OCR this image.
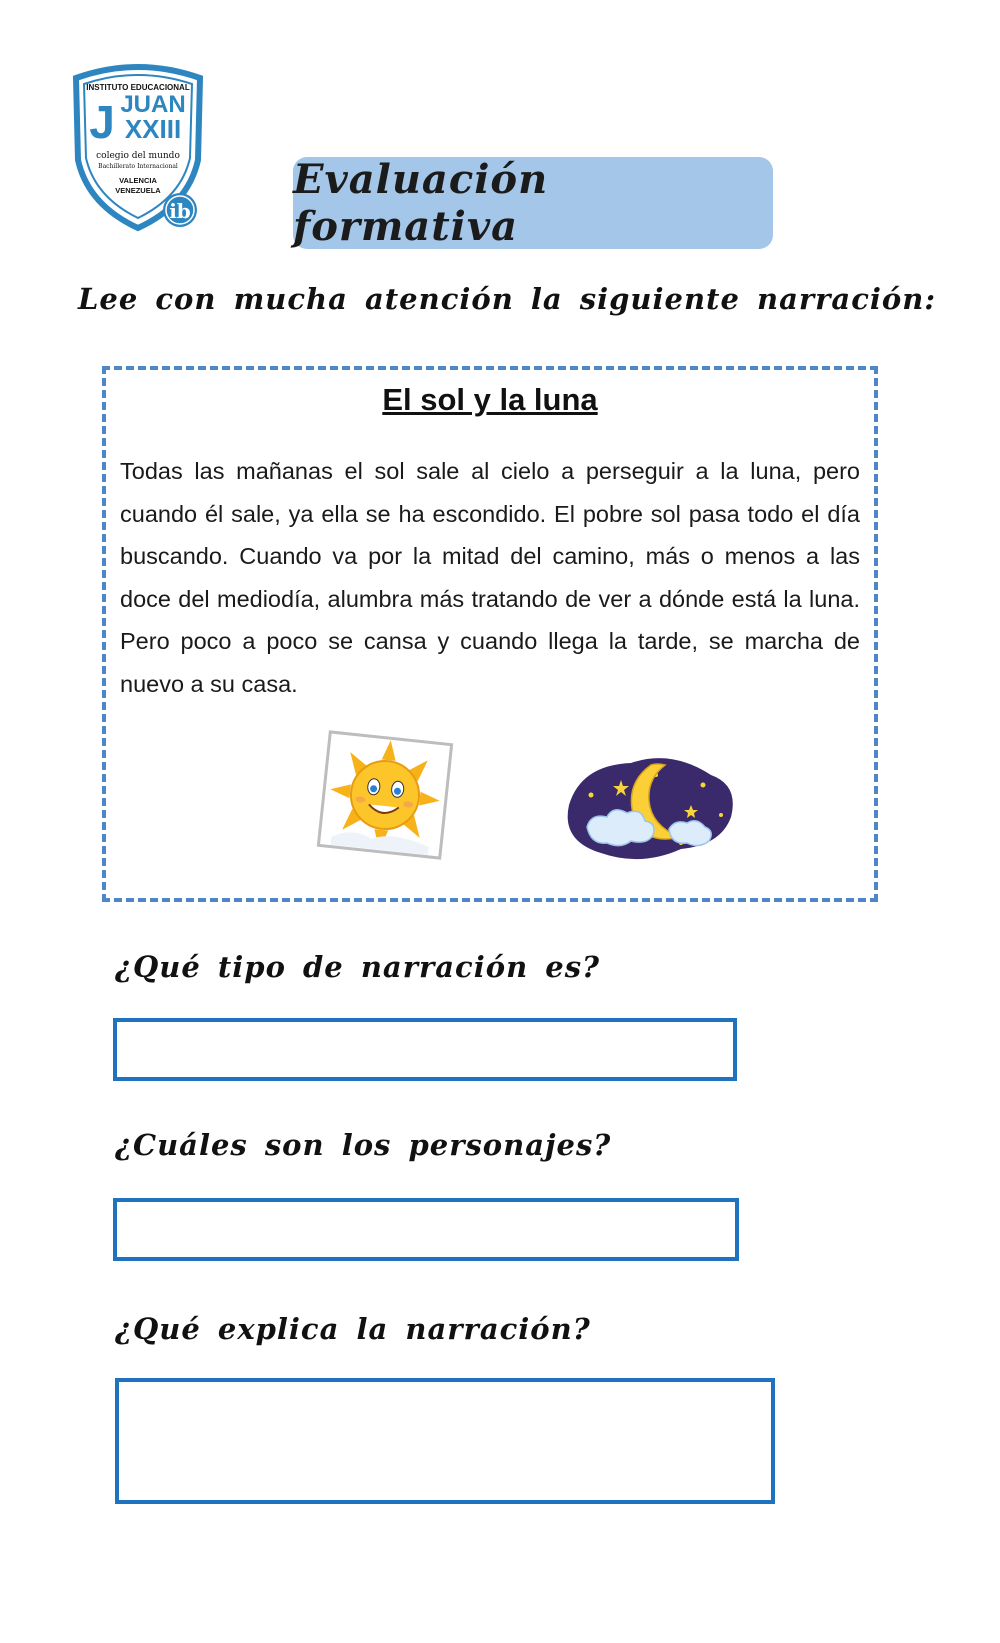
INSTITUTO EDUCACIONAL
J JUAN
XXIII
colegio del mundo
Bachillerato Internacional
VALENCIA
VENEZUELA
ib
Evaluación formativa
Lee con mucha atención la siguiente narración:
El sol y la luna
Todas las mañanas el sol sale al cielo a perseguir a la luna, pero cuando él sale, ya ella se ha escondido. El pobre sol pasa todo el día buscando. Cuando va por la mitad del camino, más o menos a las doce del mediodía, alumbra más tratando de ver a dónde está la luna. Pero poco a poco se cansa y cuando llega la tarde, se marcha de nuevo a su casa.
¿Qué tipo de narración es?
¿Cuáles son los personajes?
¿Qué explica la narración?
